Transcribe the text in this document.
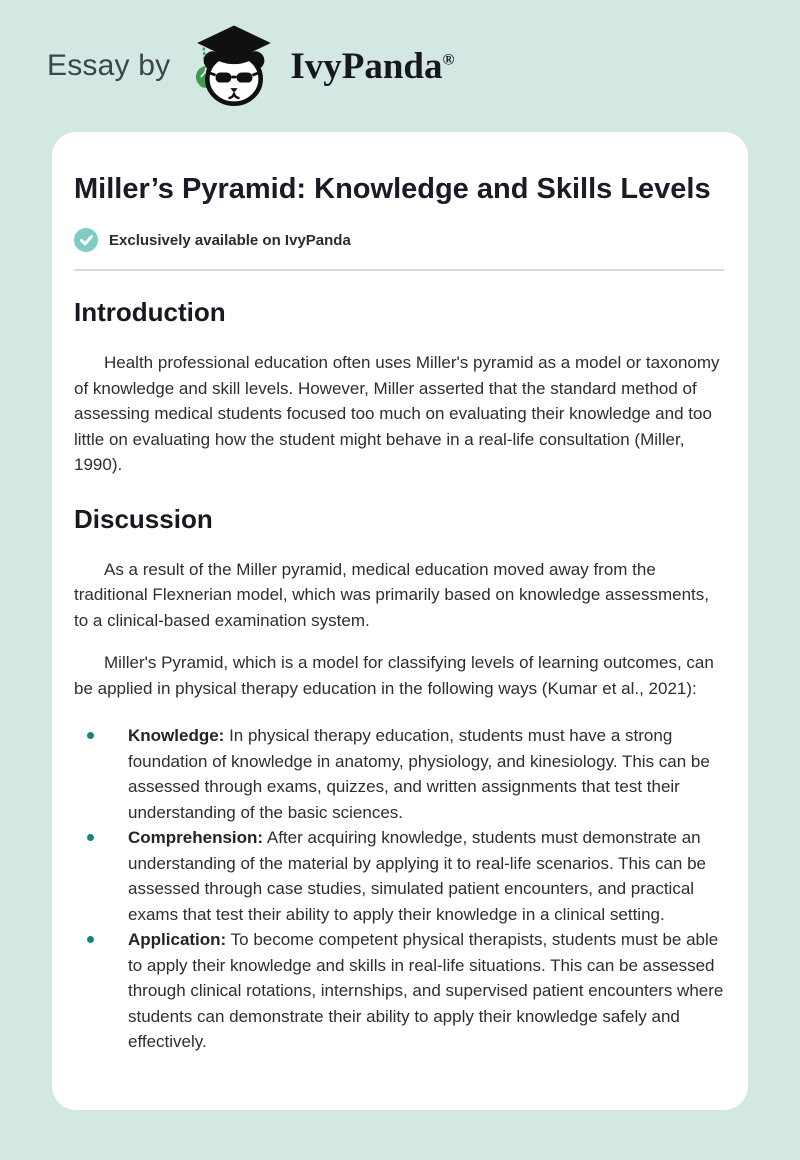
Essay by	IvyPanda®
Miller’s Pyramid: Knowledge and Skills Levels
Exclusively available on IvyPanda
Introduction

Health professional education often uses Miller's pyramid as a model or taxonomy of knowledge and skill levels. However, Miller asserted that the standard method of assessing medical students focused too much on evaluating their knowledge and too little on evaluating how the student might behave in a real-life consultation (Miller, 1990).

Discussion

As a result of the Miller pyramid, medical education moved away from the traditional Flexnerian model, which was primarily based on knowledge assessments, to a clinical-based examination system.

Miller's Pyramid, which is a model for classifying levels of learning outcomes, can be applied in physical therapy education in the following ways (Kumar et al., 2021):

Knowledge: In physical therapy education, students must have a strong foundation of knowledge in anatomy, physiology, and kinesiology. This can be assessed through exams, quizzes, and written assignments that test their understanding of the basic sciences.
Comprehension: After acquiring knowledge, students must demonstrate an understanding of the material by applying it to real-life scenarios. This can be assessed through case studies, simulated patient encounters, and practical exams that test their ability to apply their knowledge in a clinical setting.
Application: To become competent physical therapists, students must be able to apply their knowledge and skills in real-life situations. This can be assessed through clinical rotations, internships, and supervised patient encounters where students can demonstrate their ability to apply their knowledge safely and effectively.
